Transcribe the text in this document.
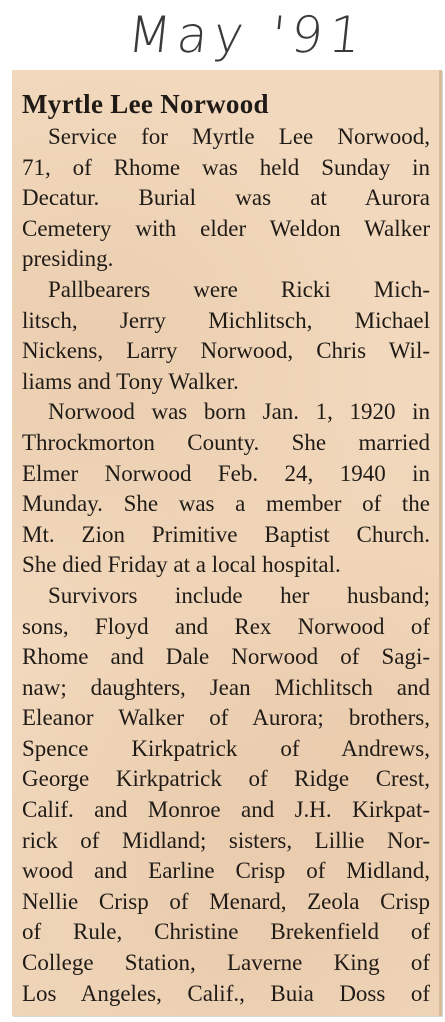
May '91
Myrtle Lee Norwood

Service for Myrtle Lee Norwood,
71, of Rhome was held Sunday in
Decatur. Burial was at Aurora
Cemetery with elder Weldon Walker
presiding.

Pallbearers were Ricki Mich-
litsch, Jerry Michlitsch, Michael
Nickens, Larry Norwood, Chris Wil-
liams and Tony Walker.

Norwood was born Jan. 1, 1920 in
Throckmorton County. She married
Elmer Norwood Feb. 24, 1940 in
Munday. She was a member of the
Mt. Zion Primitive Baptist Church.
She died Friday at a local hospital.

Survivors include her husband;
sons, Floyd and Rex Norwood of
Rhome and Dale Norwood of Sagi-
naw; daughters, Jean Michlitsch and
Eleanor Walker of Aurora; brothers,
Spence Kirkpatrick of Andrews,
George Kirkpatrick of Ridge Crest,
Calif. and Monroe and J.H. Kirkpat-
rick of Midland; sisters, Lillie Nor-
wood and Earline Crisp of Midland,
Nellie Crisp of Menard, Zeola Crisp
of Rule, Christine Brekenfield of
College Station, Laverne King of
Los Angeles, Calif., Buia Doss of
